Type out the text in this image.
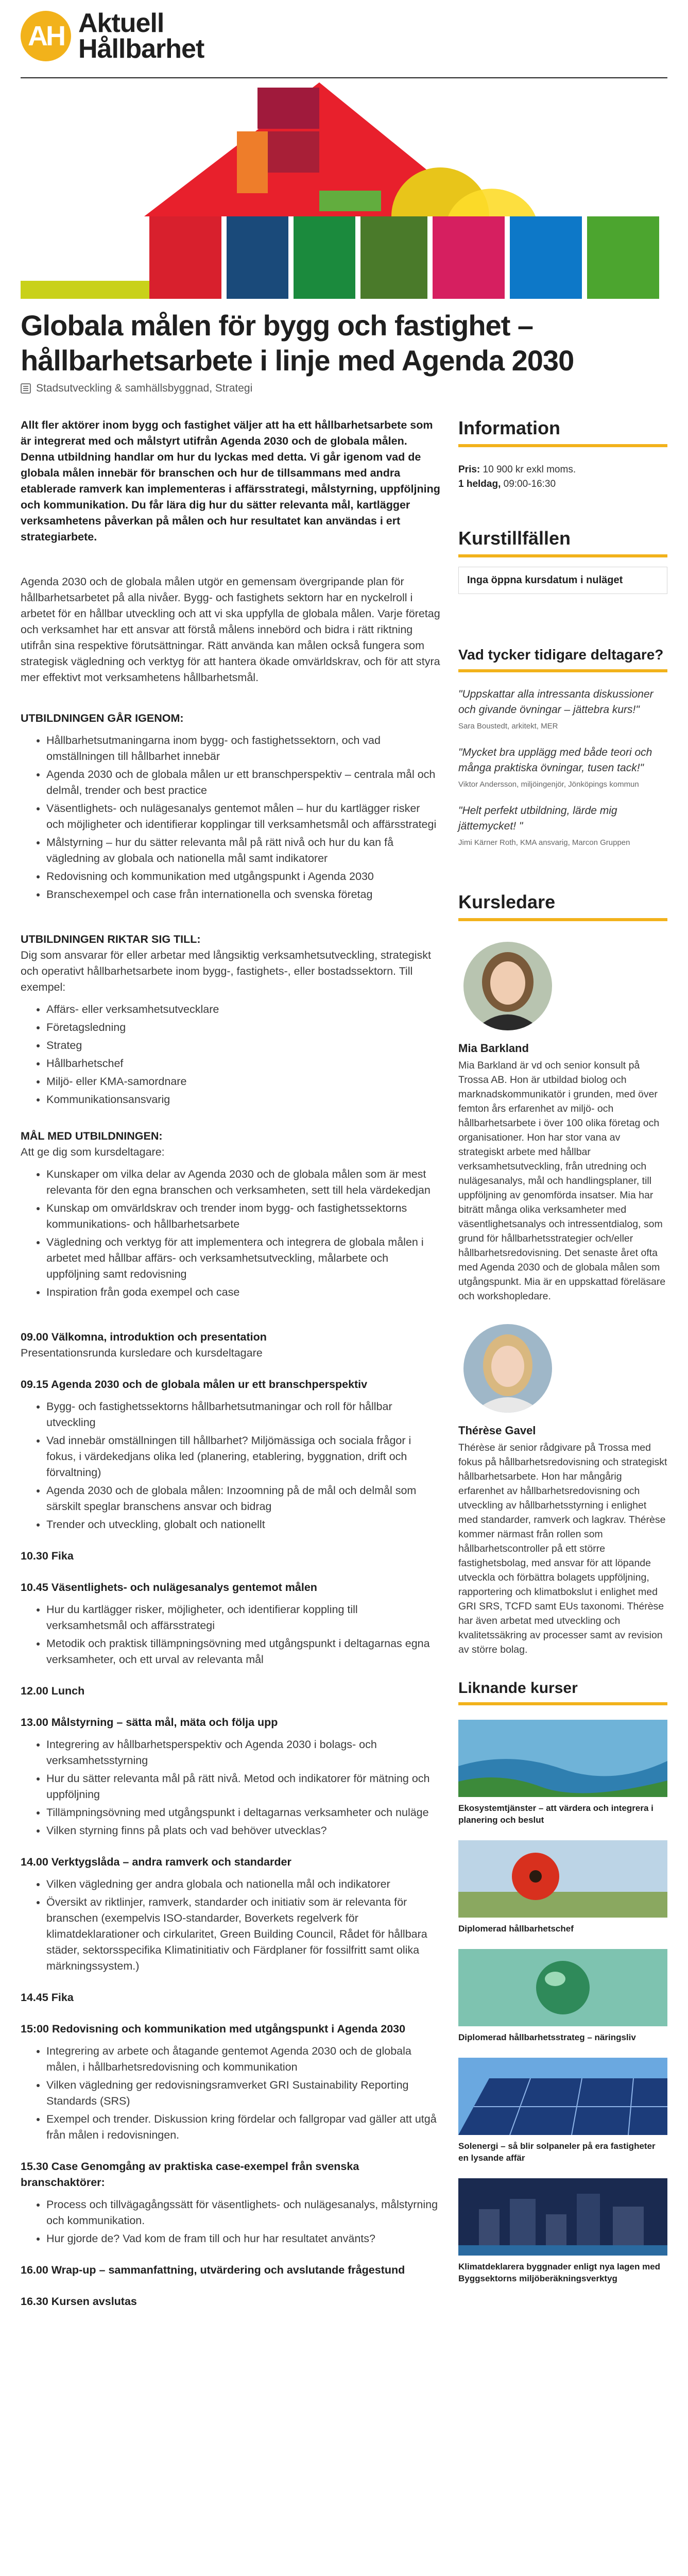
AH Aktuell
Hållbarhet
Globala målen för bygg och fastighet – hållbarhetsarbete i linje med Agenda 2030
Stadsutveckling & samhällsbyggnad, Strategi

Allt fler aktörer inom bygg och fastighet väljer att ha ett hållbarhetsarbete som är integrerat med och målstyrt utifrån Agenda 2030 och de globala målen. Denna utbildning handlar om hur du lyckas med detta. Vi går igenom vad de globala målen innebär för branschen och hur de tillsammans med andra etablerade ramverk kan implementeras i affärsstrategi, målstyrning, uppföljning och kommunikation. Du får lära dig hur du sätter relevanta mål, kartlägger verksamhetens påverkan på målen och hur resultatet kan användas i ert strategiarbete.

Agenda 2030 och de globala målen utgör en gemensam övergripande plan för hållbarhetsarbetet på alla nivåer. Bygg- och fastighets sektorn har en nyckelroll i arbetet för en hållbar utveckling och att vi ska uppfylla de globala målen. Varje företag och verksamhet har ett ansvar att förstå målens innebörd och bidra i rätt riktning utifrån sina respektive förutsättningar. Rätt använda kan målen också fungera som strategisk vägledning och verktyg för att hantera ökade omvärldskrav, och för att styra mer effektivt mot verksamhetens hållbarhetsmål.

UTBILDNINGEN GÅR IGENOM:

• Hållbarhetsutmaningarna inom bygg- och fastighetssektorn, och vad omställningen till hållbarhet innebär
• Agenda 2030 och de globala målen ur ett branschperspektiv – centrala mål och delmål, trender och best practice
• Väsentlighets- och nulägesanalys gentemot målen – hur du kartlägger risker och möjligheter och identifierar kopplingar till verksamhetsmål och affärsstrategi
• Målstyrning – hur du sätter relevanta mål på rätt nivå och hur du kan få vägledning av globala och nationella mål samt indikatorer
• Redovisning och kommunikation med utgångspunkt i Agenda 2030
• Branschexempel och case från internationella och svenska företag

UTBILDNINGEN RIKTAR SIG TILL:

Dig som ansvarar för eller arbetar med långsiktig verksamhetsutveckling, strategiskt och operativt hållbarhetsarbete inom bygg-, fastighets-, eller bostadssektorn. Till exempel:

• Affärs- eller verksamhetsutvecklare
• Företagsledning
• Strateg
• Hållbarhetschef
• Miljö- eller KMA-samordnare
• Kommunikationsansvarig

MÅL MED UTBILDNINGEN:

Att ge dig som kursdeltagare:

• Kunskaper om vilka delar av Agenda 2030 och de globala målen som är mest relevanta för den egna branschen och verksamheten, sett till hela värdekedjan
• Kunskap om omvärldskrav och trender inom bygg- och fastighetssektorns kommunikations- och hållbarhetsarbete
• Vägledning och verktyg för att implementera och integrera de globala målen i arbetet med hållbar affärs- och verksamhetsutveckling, målarbete och uppföljning samt redovisning
• Inspiration från goda exempel och case

09.00 Välkomna, introduktion och presentation

Presentationsrunda kursledare och kursdeltagare

09.15 Agenda 2030 och de globala målen ur ett branschperspektiv

• Bygg- och fastighetssektorns hållbarhetsutmaningar och roll för hållbar utveckling
• Vad innebär omställningen till hållbarhet? Miljömässiga och sociala frågor i fokus, i värdekedjans olika led (planering, etablering, byggnation, drift och förvaltning)
• Agenda 2030 och de globala målen: Inzoomning på de mål och delmål som särskilt speglar branschens ansvar och bidrag
• Trender och utveckling, globalt och nationellt

10.30 Fika

10.45 Väsentlighets- och nulägesanalys gentemot målen

• Hur du kartlägger risker, möjligheter, och identifierar koppling till verksamhetsmål och affärsstrategi
• Metodik och praktisk tillämpningsövning med utgångspunkt i deltagarnas egna verksamheter, och ett urval av relevanta mål

12.00 Lunch

13.00 Målstyrning – sätta mål, mäta och följa upp

• Integrering av hållbarhetsperspektiv och Agenda 2030 i bolags- och verksamhetsstyrning
• Hur du sätter relevanta mål på rätt nivå. Metod och indikatorer för mätning och uppföljning
• Tillämpningsövning med utgångspunkt i deltagarnas verksamheter och nuläge
• Vilken styrning finns på plats och vad behöver utvecklas?

14.00 Verktygslåda – andra ramverk och standarder

• Vilken vägledning ger andra globala och nationella mål och indikatorer
• Översikt av riktlinjer, ramverk, standarder och initiativ som är relevanta för branschen (exempelvis ISO-standarder, Boverkets regelverk för klimatdeklarationer och cirkularitet, Green Building Council, Rådet för hållbara städer, sektorsspecifika Klimatinitiativ och Färdplaner för fossilfritt samt olika märkningssystem.)

14.45 Fika

15:00 Redovisning och kommunikation med utgångspunkt i Agenda 2030

• Integrering av arbete och åtagande gentemot Agenda 2030 och de globala målen, i hållbarhetsredovisning och kommunikation
• Vilken vägledning ger redovisningsramverket GRI Sustainability Reporting Standards (SRS)
• Exempel och trender. Diskussion kring fördelar och fallgropar vad gäller att utgå från målen i redovisningen.

15.30 Case Genomgång av praktiska case-exempel från svenska branschaktörer:

• Process och tillvägagångssätt för väsentlighets- och nulägesanalys, målstyrning och kommunikation.
• Hur gjorde de? Vad kom de fram till och hur har resultatet använts?

16.00 Wrap-up – sammanfattning, utvärdering och avslutande frågestund

16.30 Kursen avslutas

Information
Pris: 10 900 kr exkl moms.
1 heldag, 09:00-16:30
Kurstillfällen
Inga öppna kursdatum i nuläget
Vad tycker tidigare deltagare?
"Uppskattar alla intressanta diskussioner och givande övningar – jättebra kurs!"
Sara Boustedt, arkitekt, MER
"Mycket bra upplägg med både teori och många praktiska övningar, tusen tack!"
Viktor Andersson, miljöingenjör, Jönköpings kommun
"Helt perfekt utbildning, lärde mig jättemycket! "
Jimi Kärner Roth, KMA ansvarig, Marcon Gruppen
Kursledare
Mia Barkland
Mia Barkland är vd och senior konsult på Trossa AB. Hon är utbildad biolog och marknadskommunikatör i grunden, med över femton års erfarenhet av miljö- och hållbarhetsarbete i över 100 olika företag och organisationer. Hon har stor vana av strategiskt arbete med hållbar verksamhetsutveckling, från utredning och nulägesanalys, mål och handlingsplaner, till uppföljning av genomförda insatser. Mia har biträtt många olika verksamheter med väsentlighetsanalys och intressentdialog, som grund för hållbarhetsstrategier och/eller hållbarhetsredovisning. Det senaste året ofta med Agenda 2030 och de globala målen som utgångspunkt. Mia är en uppskattad föreläsare och workshopledare.
Thérèse Gavel
Thérèse är senior rådgivare på Trossa med fokus på hållbarhetsredovisning och strategiskt hållbarhetsarbete. Hon har mångårig erfarenhet av hållbarhetsredovisning och utveckling av hållbarhetsstyrning i enlighet med standarder, ramverk och lagkrav. Thérèse kommer närmast från rollen som hållbarhetscontroller på ett större fastighetsbolag, med ansvar för att löpande utveckla och förbättra bolagets uppföljning, rapportering och klimatbokslut i enlighet med GRI SRS, TCFD samt EUs taxonomi. Thérèse har även arbetat med utveckling och kvalitetssäkring av processer samt av revision av större bolag.
Liknande kurser
Ekosystemtjänster – att värdera och integrera i planering och beslut
Diplomerad hållbarhetschef
Diplomerad hållbarhetsstrateg – näringsliv
Solenergi – så blir solpaneler på era fastigheter en lysande affär
Klimatdeklarera byggnader enligt nya lagen med Byggsektorns miljöberäkningsverktyg
